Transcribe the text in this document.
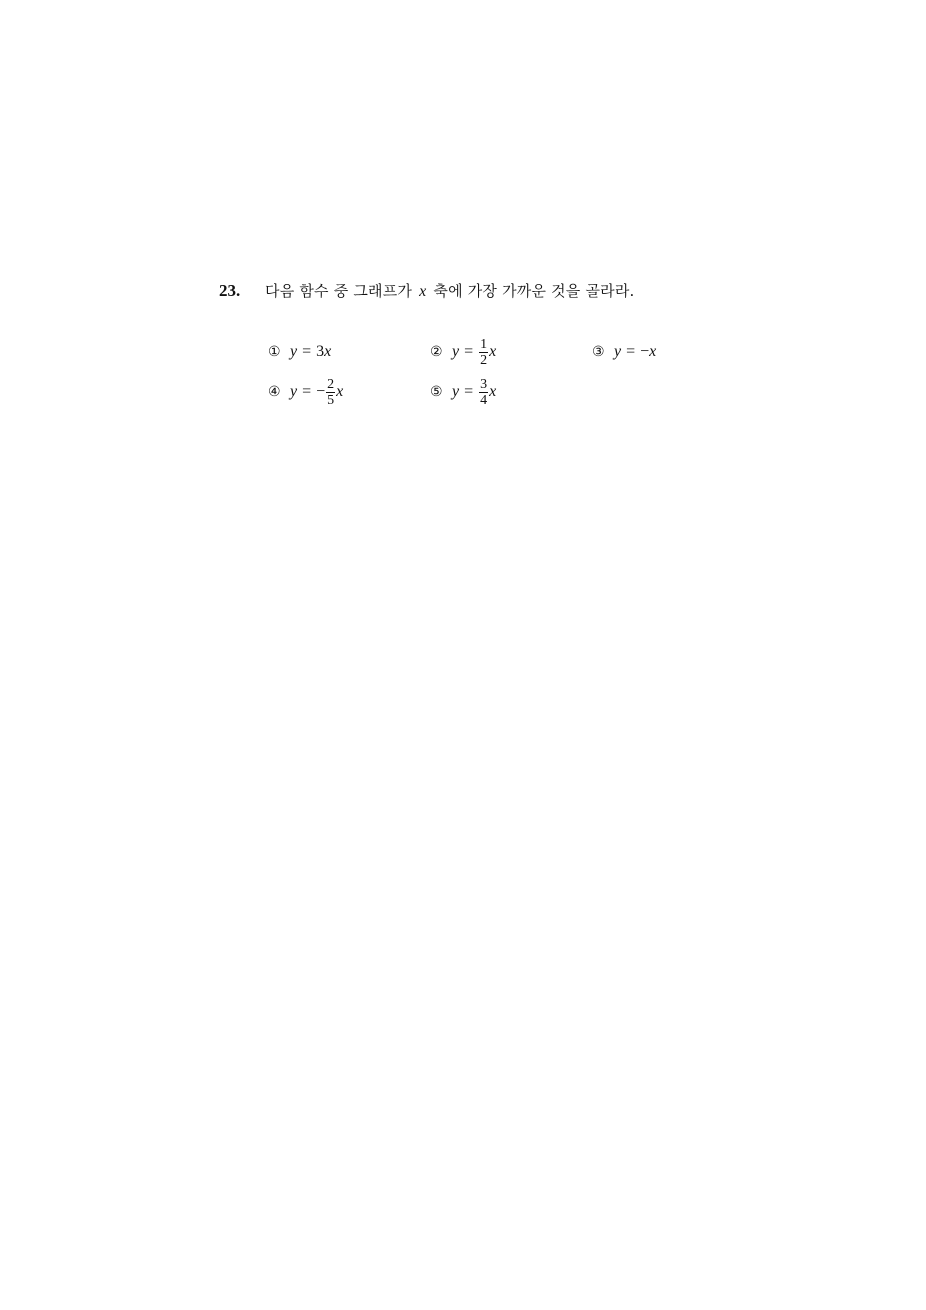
23.	다음 함수 중 그래프가 x 축에 가장 가까운 것을 골라라.
① y = 3 x	② $y = \frac{1}{2}$ x	③ y = − x
④ y = − $\frac{2}{5}$ x	⑤ $y = \frac{3}{4}$ x
